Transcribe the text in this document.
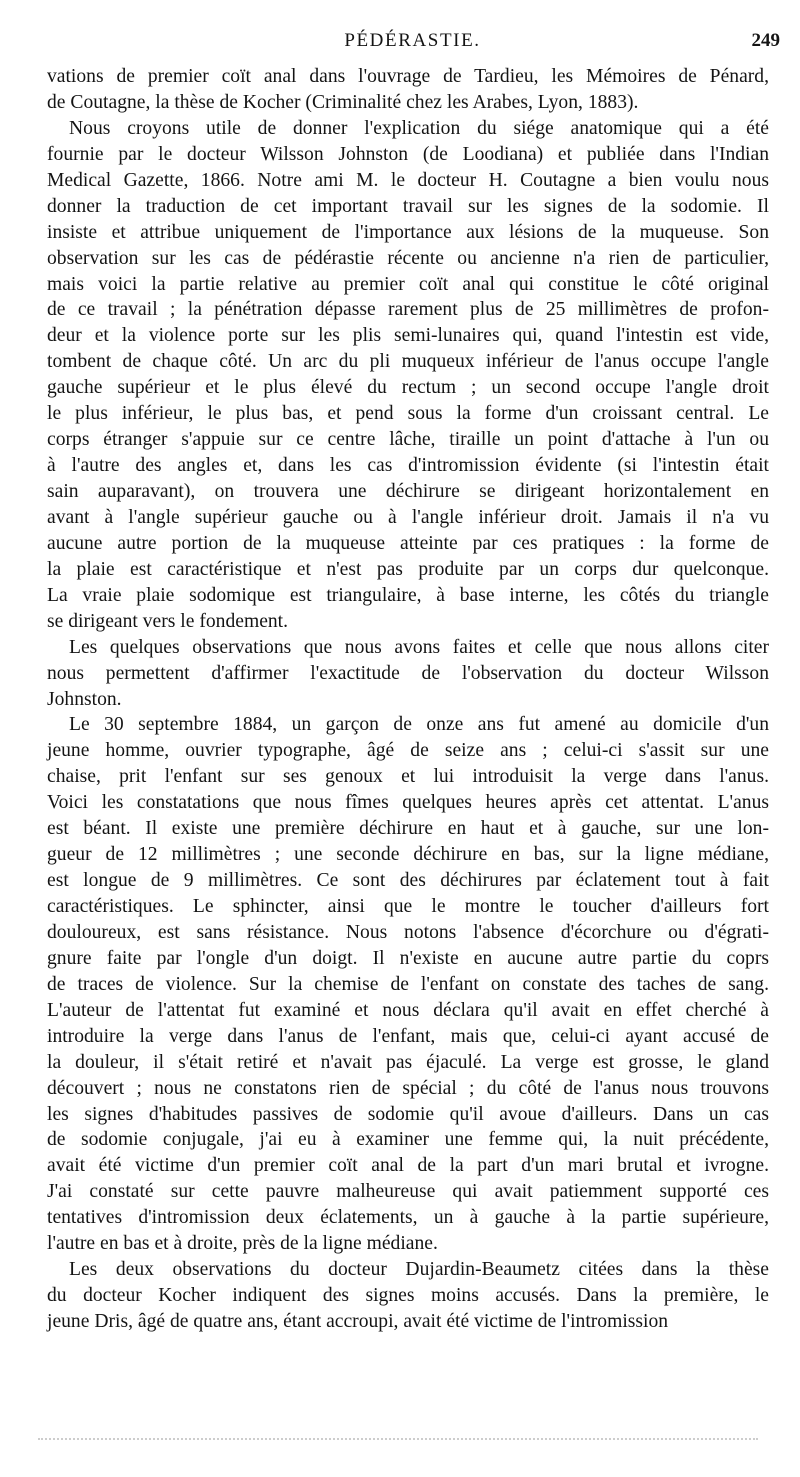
PÉDÉRASTIE.	249
vations de premier coït anal dans l'ouvrage de Tardieu, les Mémoires de Pénard,
de Coutagne, la thèse de Kocher (Criminalité chez les Arabes, Lyon, 1883).
Nous croyons utile de donner l'explication du siége anatomique qui a été
fournie par le docteur Wilsson Johnston (de Loodiana) et publiée dans l'Indian
Medical Gazette, 1866. Notre ami M. le docteur H. Coutagne a bien voulu nous
donner la traduction de cet important travail sur les signes de la sodomie. Il
insiste et attribue uniquement de l'importance aux lésions de la muqueuse. Son
observation sur les cas de pédérastie récente ou ancienne n'a rien de particulier,
mais voici la partie relative au premier coït anal qui constitue le côté original
de ce travail ; la pénétration dépasse rarement plus de 25 millimètres de profon-
deur et la violence porte sur les plis semi-lunaires qui, quand l'intestin est vide,
tombent de chaque côté. Un arc du pli muqueux inférieur de l'anus occupe l'angle
gauche supérieur et le plus élevé du rectum ; un second occupe l'angle droit
le plus inférieur, le plus bas, et pend sous la forme d'un croissant central. Le
corps étranger s'appuie sur ce centre lâche, tiraille un point d'attache à l'un ou
à l'autre des angles et, dans les cas d'intromission évidente (si l'intestin était
sain auparavant), on trouvera une déchirure se dirigeant horizontalement en
avant à l'angle supérieur gauche ou à l'angle inférieur droit. Jamais il n'a vu
aucune autre portion de la muqueuse atteinte par ces pratiques : la forme de
la plaie est caractéristique et n'est pas produite par un corps dur quelconque.
La vraie plaie sodomique est triangulaire, à base interne, les côtés du triangle
se dirigeant vers le fondement.
Les quelques observations que nous avons faites et celle que nous allons citer
nous permettent d'affirmer l'exactitude de l'observation du docteur Wilsson
Johnston.
Le 30 septembre 1884, un garçon de onze ans fut amené au domicile d'un
jeune homme, ouvrier typographe, âgé de seize ans ; celui-ci s'assit sur une
chaise, prit l'enfant sur ses genoux et lui introduisit la verge dans l'anus.
Voici les constatations que nous fîmes quelques heures après cet attentat. L'anus
est béant. Il existe une première déchirure en haut et à gauche, sur une lon-
gueur de 12 millimètres ; une seconde déchirure en bas, sur la ligne médiane,
est longue de 9 millimètres. Ce sont des déchirures par éclatement tout à fait
caractéristiques. Le sphincter, ainsi que le montre le toucher d'ailleurs fort
douloureux, est sans résistance. Nous notons l'absence d'écorchure ou d'égrati-
gnure faite par l'ongle d'un doigt. Il n'existe en aucune autre partie du coprs
de traces de violence. Sur la chemise de l'enfant on constate des taches de sang.
L'auteur de l'attentat fut examiné et nous déclara qu'il avait en effet cherché à
introduire la verge dans l'anus de l'enfant, mais que, celui-ci ayant accusé de
la douleur, il s'était retiré et n'avait pas éjaculé. La verge est grosse, le gland
découvert ; nous ne constatons rien de spécial ; du côté de l'anus nous trouvons
les signes d'habitudes passives de sodomie qu'il avoue d'ailleurs. Dans un cas
de sodomie conjugale, j'ai eu à examiner une femme qui, la nuit précédente,
avait été victime d'un premier coït anal de la part d'un mari brutal et ivrogne.
J'ai constaté sur cette pauvre malheureuse qui avait patiemment supporté ces
tentatives d'intromission deux éclatements, un à gauche à la partie supérieure,
l'autre en bas et à droite, près de la ligne médiane.
Les deux observations du docteur Dujardin-Beaumetz citées dans la thèse
du docteur Kocher indiquent des signes moins accusés. Dans la première, le
jeune Dris, âgé de quatre ans, étant accroupi, avait été victime de l'intromission
